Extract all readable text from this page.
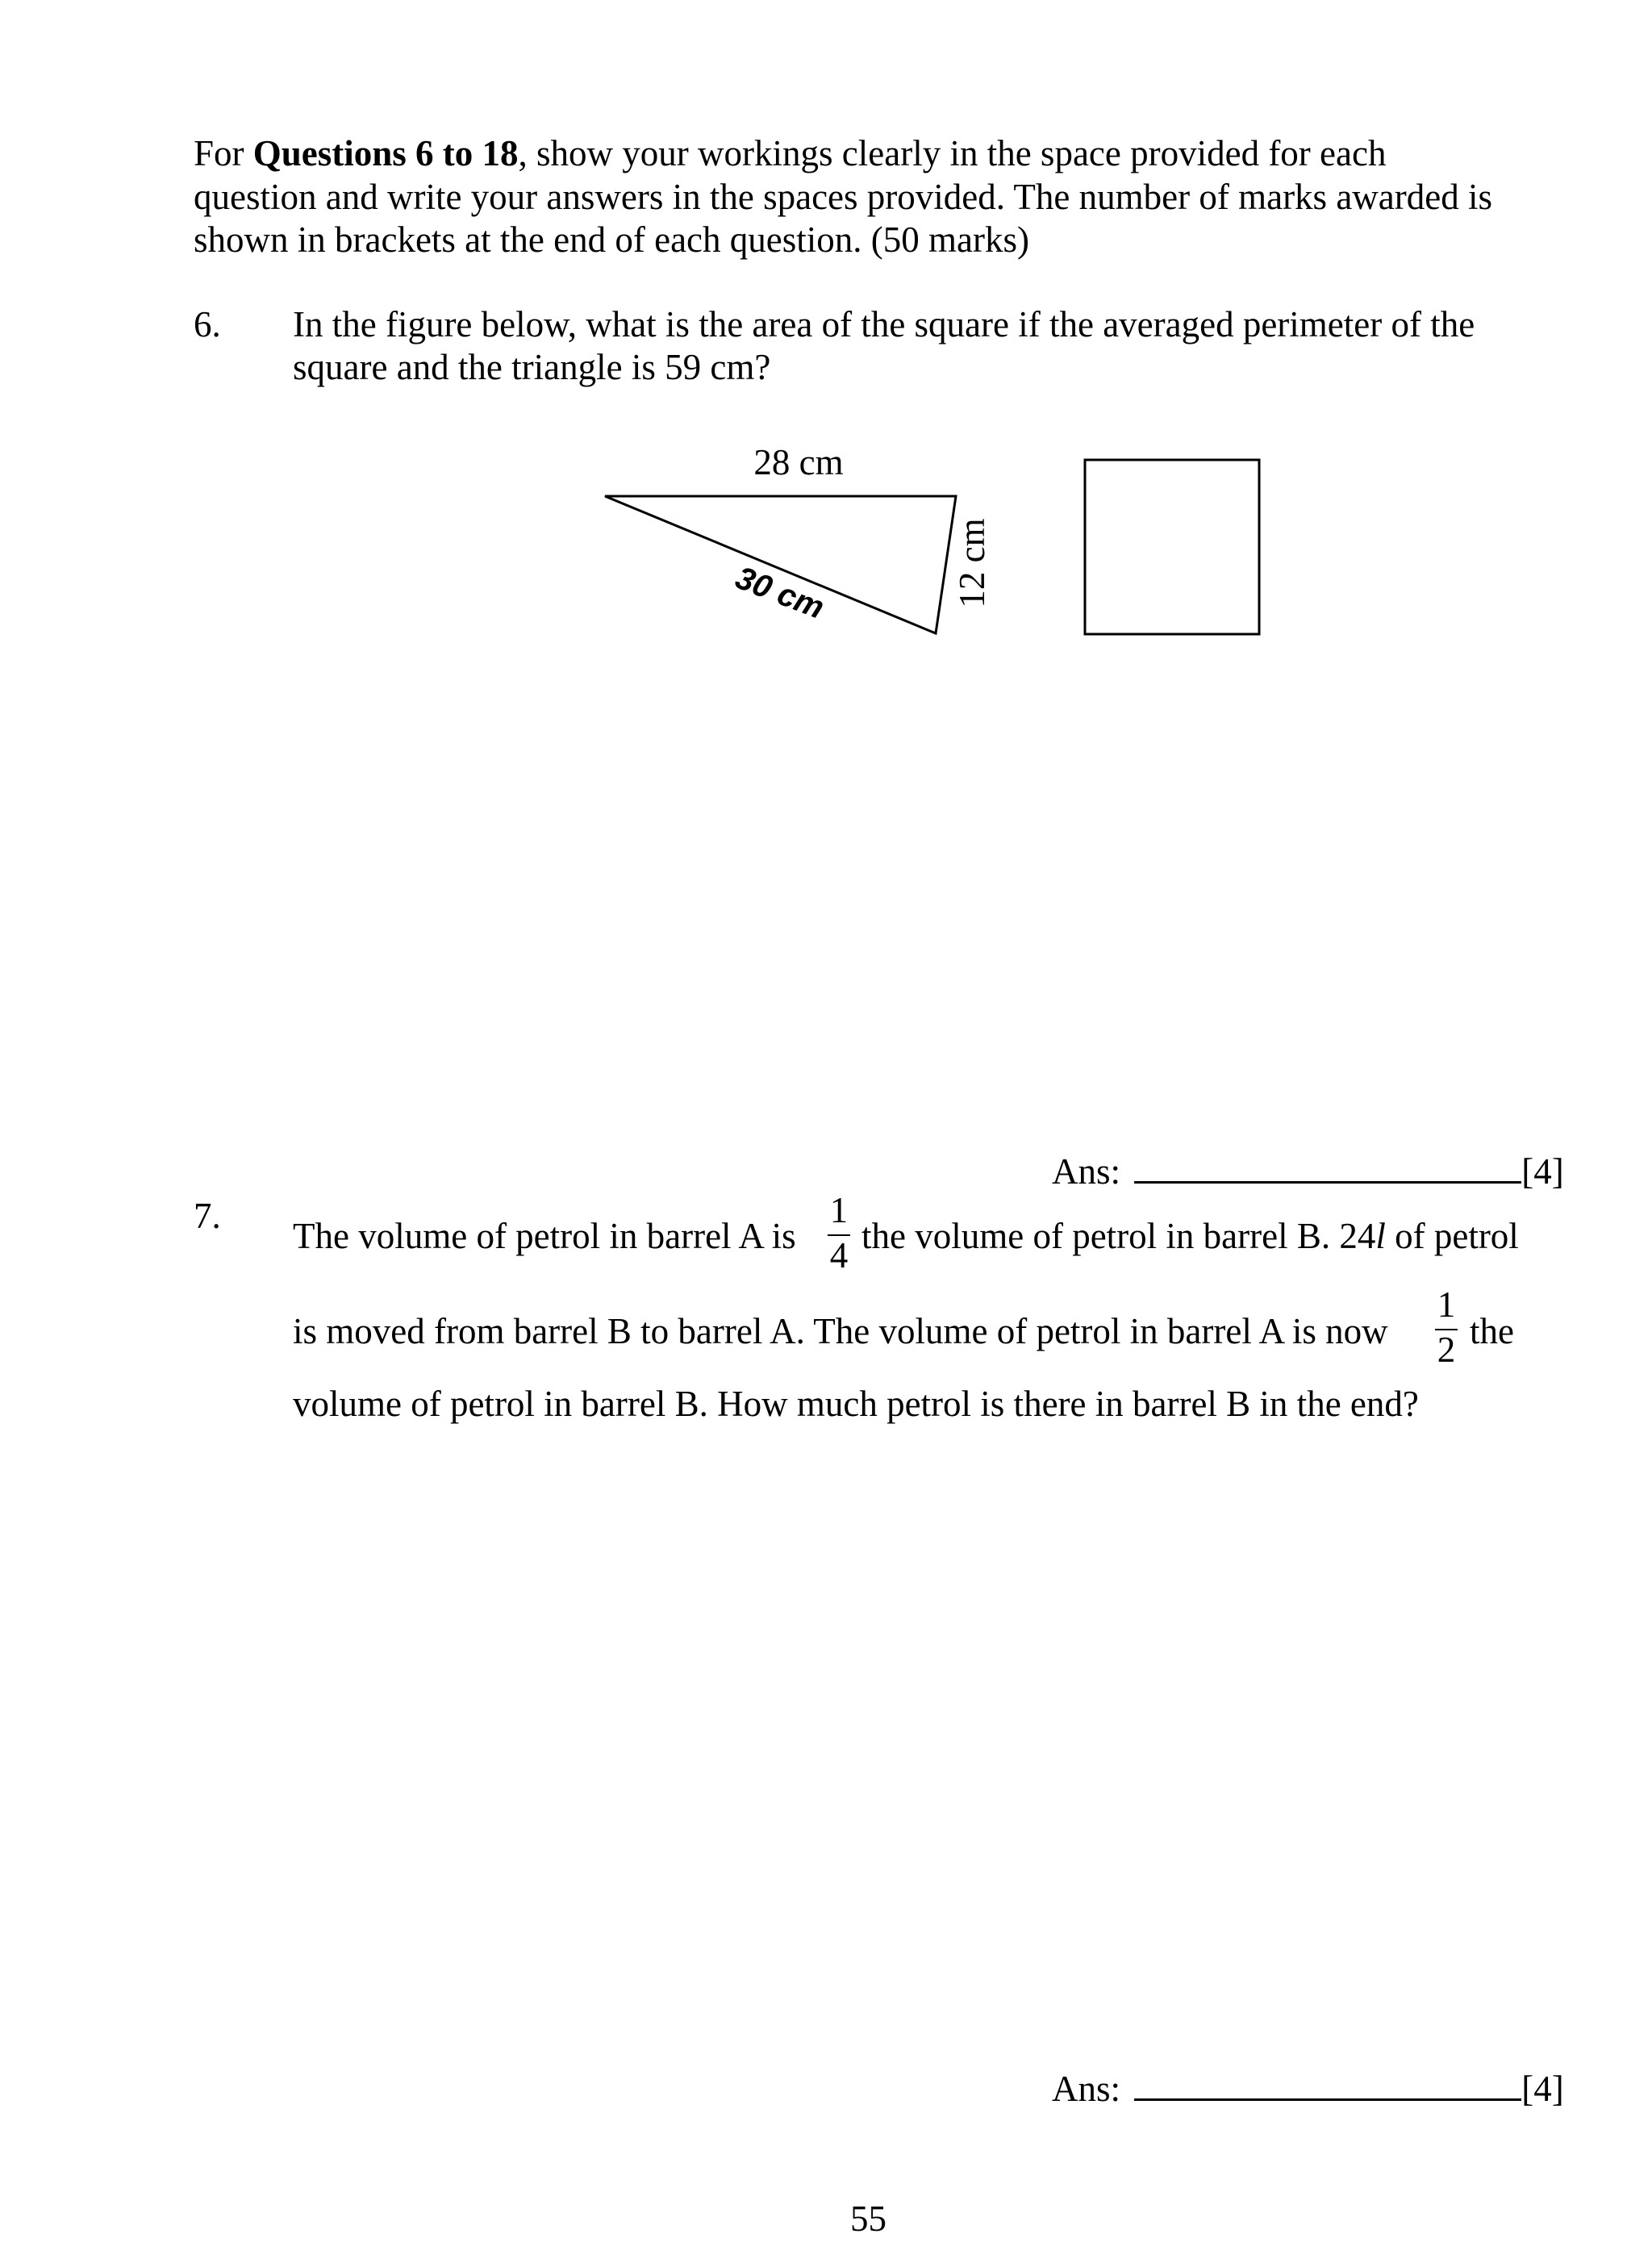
For Questions 6 to 18, show your workings clearly in the space provided for each
question and write your answers in the spaces provided. The number of marks awarded is
shown in brackets at the end of each question. (50 marks)
6. In the figure below, what is the area of the square if the averaged perimeter of the
square and the triangle is 59 cm?
28 cm
30 cm	12 cm
Ans:	[4]
7. The volume of petrol in barrel A is
1
4 the volume of petrol in barrel B. 24l of petrol
is moved from barrel B to barrel A. The volume of petrol in barrel A is now
1
2 the
volume of petrol in barrel B. How much petrol is there in barrel B in the end?
Ans:	[4]
55
